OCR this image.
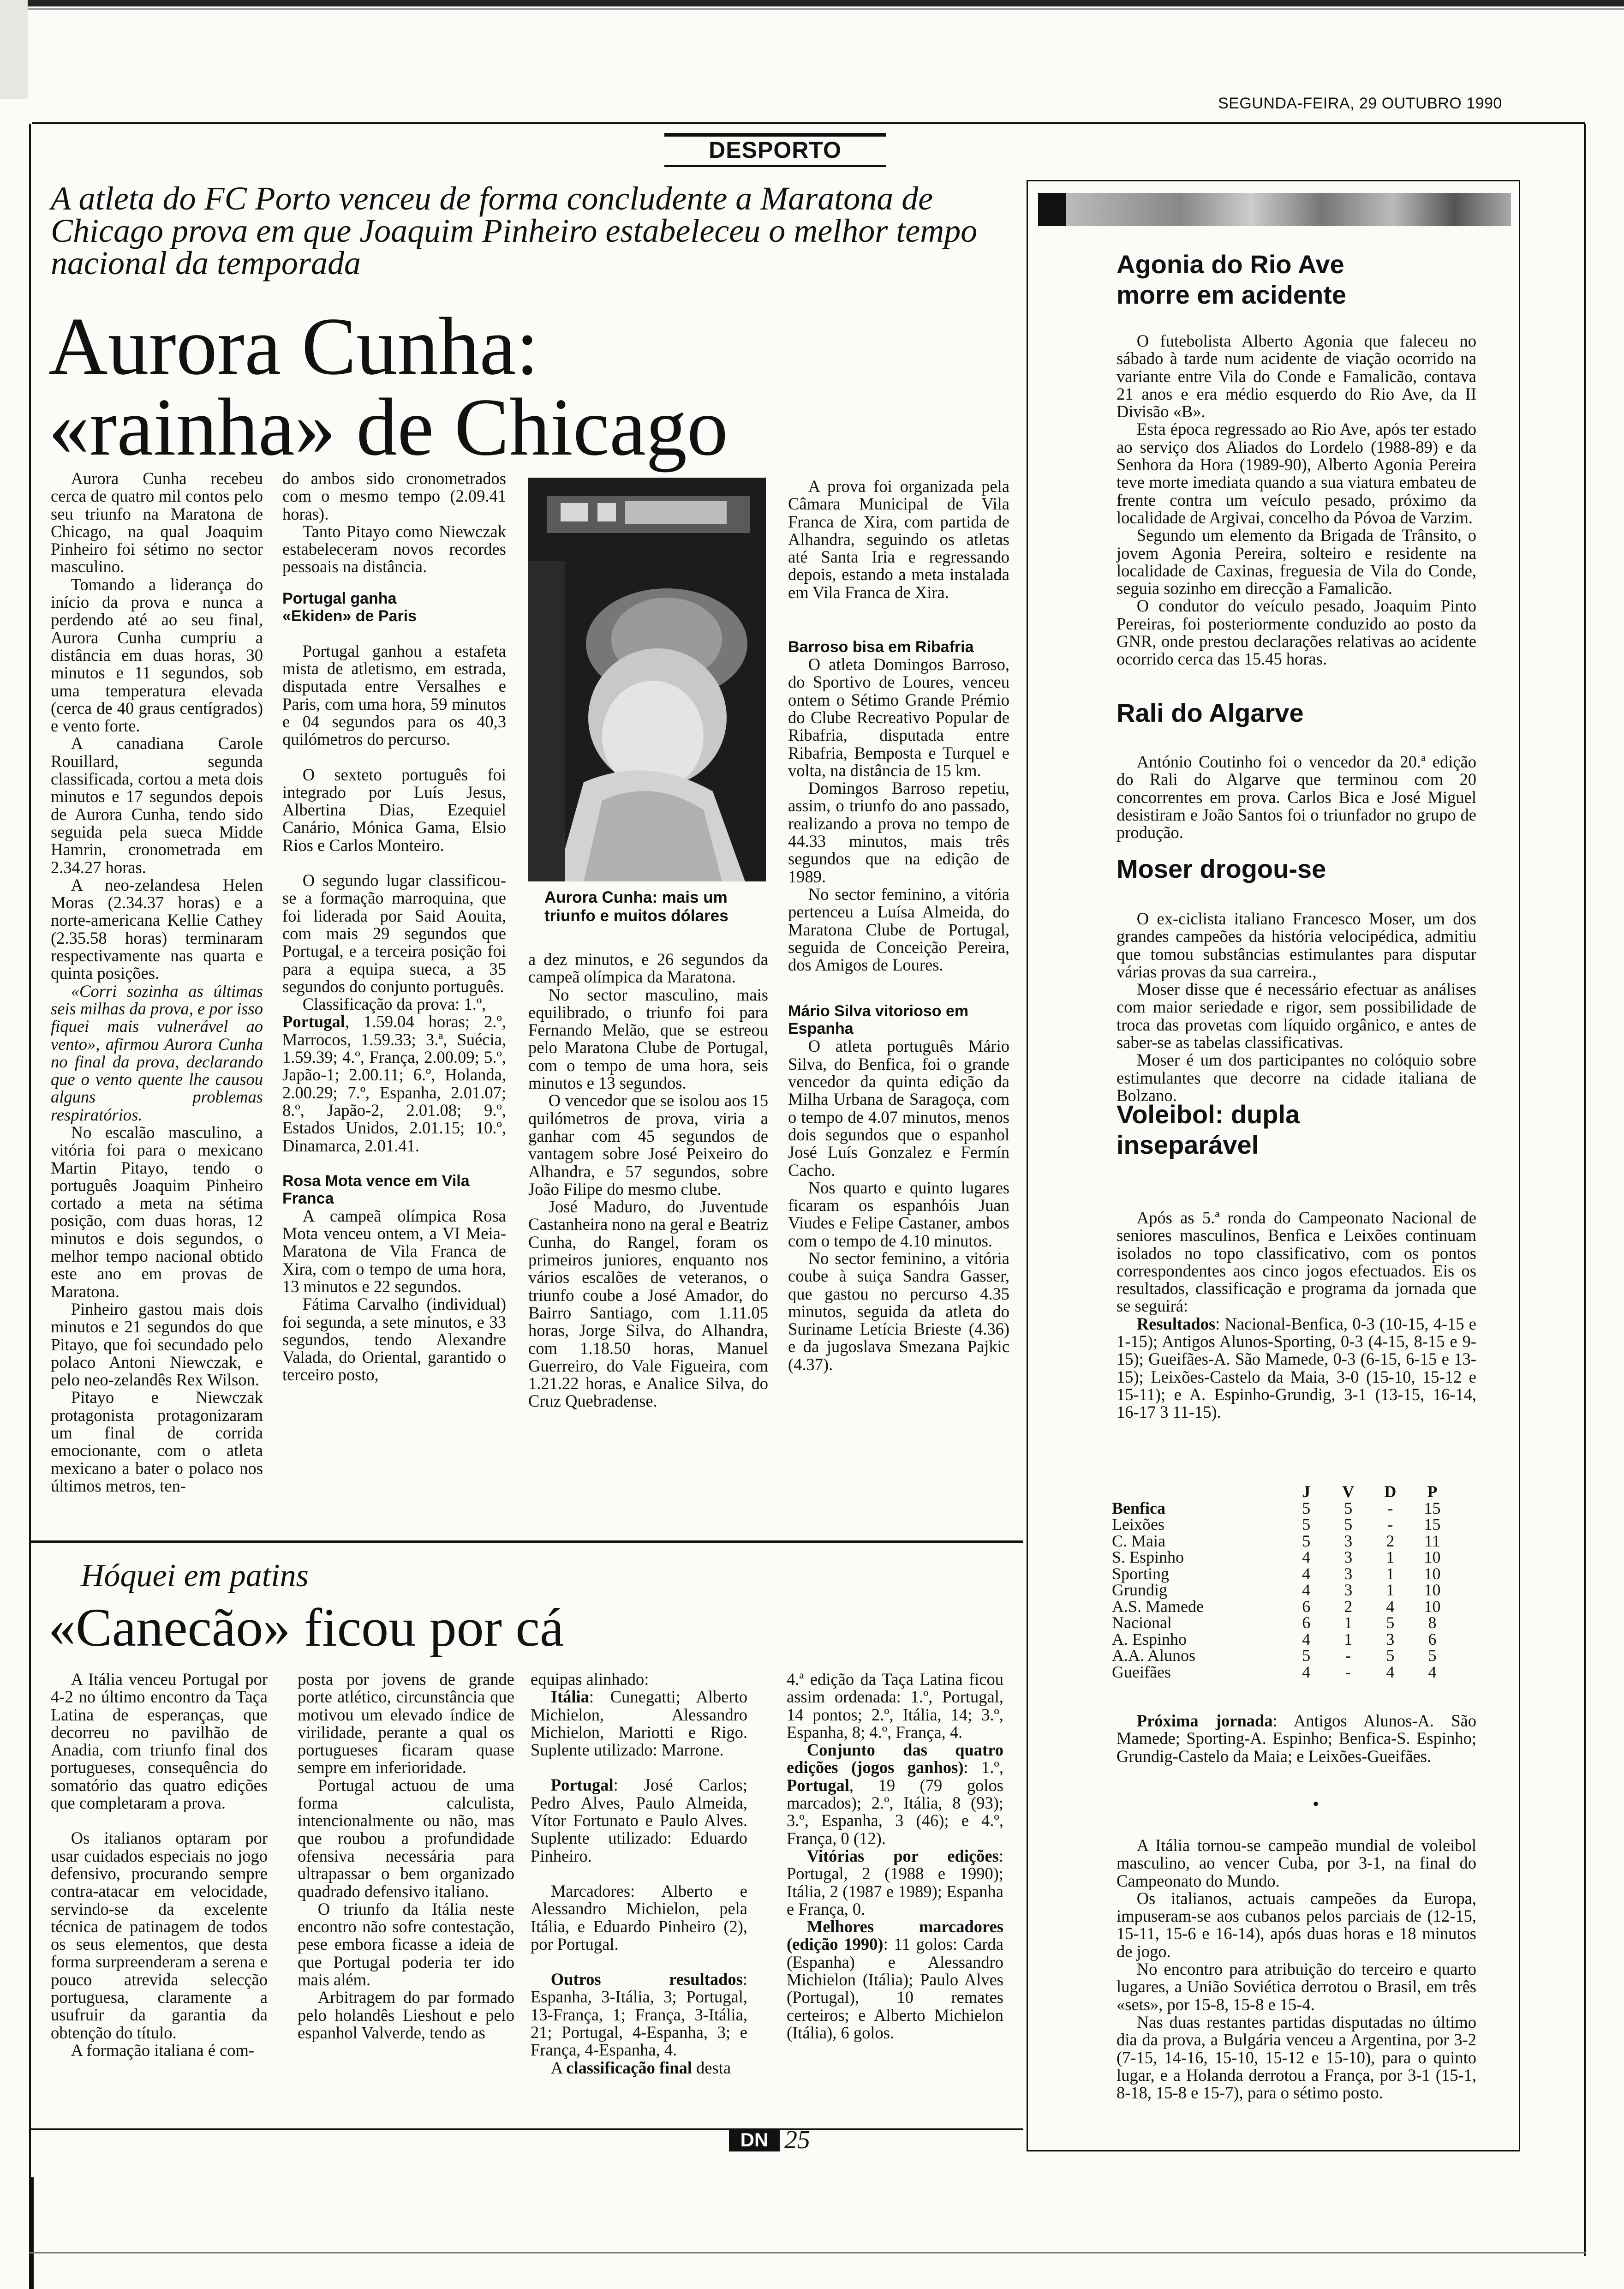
SEGUNDA-FEIRA, 29 OUTUBRO 1990
DESPORTO
A atleta do FC Porto venceu de forma concludente a Maratona de Chicago prova em que Joaquim Pinheiro estabeleceu o melhor tempo nacional da temporada
Aurora Cunha:
«rainha» de Chicago

Aurora Cunha recebeu cerca de quatro mil contos pelo seu triunfo na Maratona de Chicago, na qual Joaquim Pinheiro foi sétimo no sector masculino.

Tomando a liderança do início da prova e nunca a perdendo até ao seu final, Aurora Cunha cumpriu a distância em duas horas, 30 minutos e 11 segundos, sob uma temperatura elevada (cerca de 40 graus centígrados) e vento forte.

A canadiana Carole Rouillard, segunda classificada, cortou a meta dois minutos e 17 segundos depois de Aurora Cunha, tendo sido seguida pela sueca Midde Hamrin, cronometrada em 2.34.27 horas.

A neo-zelandesa Helen Moras (2.34.37 horas) e a norte-americana Kellie Cathey (2.35.58 horas) terminaram respectivamente nas quarta e quinta posições.

«Corri sozinha as últimas seis milhas da prova, e por isso fiquei mais vulnerável ao vento», afirmou Aurora Cunha no final da prova, declarando que o vento quente lhe causou alguns problemas respiratórios.

No escalão masculino, a vitória foi para o mexicano Martin Pitayo, tendo o português Joaquim Pinheiro cortado a meta na sétima posição, com duas horas, 12 minutos e dois segundos, o melhor tempo nacional obtido este ano em provas de Maratona.

Pinheiro gastou mais dois minutos e 21 segundos do que Pitayo, que foi secundado pelo polaco Antoni Niewczak, e pelo neo-zelandês Rex Wilson.

Pitayo e Niewczak protagonista protagonizaram um final de corrida emocionante, com o atleta mexicano a bater o polaco nos últimos metros, ten-

do ambos sido cronometrados com o mesmo tempo (2.09.41 horas).

Tanto Pitayo como Niewczak estabeleceram novos recordes pessoais na distância.

Portugal ganha
«Ekiden» de Paris

Portugal ganhou a estafeta mista de atletismo, em estrada, disputada entre Versalhes e Paris, com uma hora, 59 minutos e 04 segundos para os 40,3 quilómetros do percurso.

O sexteto português foi integrado por Luís Jesus, Albertina Dias, Ezequiel Canário, Mónica Gama, Elsio Rios e Carlos Monteiro.

O segundo lugar classificou-se a formação marroquina, que foi liderada por Said Aouita, com mais 29 segundos que Portugal, e a terceira posição foi para a equipa sueca, a 35 segundos do conjunto português.

Classificação da prova: 1.º,
Portugal, 1.59.04 horas; 2.º, Marrocos, 1.59.33; 3.ª, Suécia, 1.59.39; 4.º, França, 2.00.09; 5.º, Japão-1; 2.00.11; 6.º, Holanda, 2.00.29; 7.º, Espanha, 2.01.07; 8.º, Japão-2, 2.01.08; 9.º, Estados Unidos, 2.01.15; 10.º, Dinamarca, 2.01.41.

Rosa Mota vence em Vila Franca

A campeã olímpica Rosa Mota venceu ontem, a VI Meia-Maratona de Vila Franca de Xira, com o tempo de uma hora, 13 minutos e 22 segundos.

Fátima Carvalho (individual) foi segunda, a sete minutos, e 33 segundos, tendo Alexandre Valada, do Oriental, garantido o terceiro posto,

Aurora Cunha: mais um triunfo e muitos dólares

a dez minutos, e 26 segundos da campeã olímpica da Maratona.

No sector masculino, mais equilibrado, o triunfo foi para Fernando Melão, que se estreou pelo Maratona Clube de Portugal, com o tempo de uma hora, seis minutos e 13 segundos.

O vencedor que se isolou aos 15 quilómetros de prova, viria a ganhar com 45 segundos de vantagem sobre José Peixeiro do Alhandra, e 57 segundos, sobre João Filipe do mesmo clube.

José Maduro, do Juventude Castanheira nono na geral e Beatriz Cunha, do Rangel, foram os primeiros juniores, enquanto nos vários escalões de veteranos, o triunfo coube a José Amador, do Bairro Santiago, com 1.11.05 horas, Jorge Silva, do Alhandra, com 1.18.50 horas, Manuel Guerreiro, do Vale Figueira, com 1.21.22 horas, e Analice Silva, do Cruz Quebradense.

A prova foi organizada pela Câmara Municipal de Vila Franca de Xira, com partida de Alhandra, seguindo os atletas até Santa Iria e regressando depois, estando a meta instalada em Vila Franca de Xira.

Barroso bisa em Ribafria

O atleta Domingos Barroso, do Sportivo de Loures, venceu ontem o Sétimo Grande Prémio do Clube Recreativo Popular de Ribafria, disputada entre Ribafria, Bemposta e Turquel e volta, na distância de 15 km.

Domingos Barroso repetiu, assim, o triunfo do ano passado, realizando a prova no tempo de 44.33 minutos, mais três segundos que na edição de 1989.

No sector feminino, a vitória pertenceu a Luísa Almeida, do Maratona Clube de Portugal, seguida de Conceição Pereira, dos Amigos de Loures.

Mário Silva vitorioso em
Espanha

O atleta português Mário Silva, do Benfica, foi o grande vencedor da quinta edição da Milha Urbana de Saragoça, com o tempo de 4.07 minutos, menos dois segundos que o espanhol José Luís Gonzalez e Fermín Cacho.

Nos quarto e quinto lugares ficaram os espanhóis Juan Viudes e Felipe Castaner, ambos com o tempo de 4.10 minutos.

No sector feminino, a vitória coube à suiça Sandra Gasser, que gastou no percurso 4.35 minutos, seguida da atleta do Suriname Letícia Brieste (4.36) e da jugoslava Smezana Pajkic (4.37).

Hóquei em patins
«Canecão» ficou por cá

A Itália venceu Portugal por 4-2 no último encontro da Taça Latina de esperanças, que decorreu no pavilhão de Anadia, com triunfo final dos portugueses, consequência do somatório das quatro edições que completaram a prova.

Os italianos optaram por usar cuidados especiais no jogo defensivo, procurando sempre contra-atacar em velocidade, servindo-se da excelente técnica de patinagem de todos os seus elementos, que desta forma surpreenderam a serena e pouco atrevida selecção portuguesa, claramente a usufruir da garantia da obtenção do título.

A formação italiana é com-

posta por jovens de grande porte atlético, circunstância que motivou um elevado índice de virilidade, perante a qual os portugueses ficaram quase sempre em inferioridade.

Portugal actuou de uma forma calculista, intencionalmente ou não, mas que roubou a profundidade ofensiva necessária para ultrapassar o bem organizado quadrado defensivo italiano.

O triunfo da Itália neste encontro não sofre contestação, pese embora ficasse a ideia de que Portugal poderia ter ido mais além.

Arbitragem do par formado pelo holandês Lieshout e pelo espanhol Valverde, tendo as

equipas alinhado:

Itália: Cunegatti; Alberto Michielon, Alessandro Michielon, Mariotti e Rigo. Suplente utilizado: Marrone.

Portugal: José Carlos; Pedro Alves, Paulo Almeida, Vítor Fortunato e Paulo Alves. Suplente utilizado: Eduardo Pinheiro.

Marcadores: Alberto e Alessandro Michielon, pela Itália, e Eduardo Pinheiro (2), por Portugal.

Outros resultados: Espanha, 3-Itália, 3; Portugal, 13-França, 1; França, 3-Itália, 21; Portugal, 4-Espanha, 3; e França, 4-Espanha, 4.

A classificação final desta

4.ª edição da Taça Latina ficou assim ordenada: 1.º, Portugal, 14 pontos; 2.º, Itália, 14; 3.º, Espanha, 8; 4.º, França, 4.

Conjunto das quatro edições (jogos ganhos): 1.º, Portugal, 19 (79 golos marcados); 2.º, Itália, 8 (93); 3.º, Espanha, 3 (46); e 4.º, França, 0 (12).

Vitórias por edições: Portugal, 2 (1988 e 1990); Itália, 2 (1987 e 1989); Espanha e França, 0.

Melhores marcadores (edição 1990): 11 golos: Carda (Espanha) e Alessandro Michielon (Itália); Paulo Alves (Portugal), 10 remates certeiros; e Alberto Michielon (Itália), 6 golos.

Agonia do Rio Ave
morre em acidente

O futebolista Alberto Agonia que faleceu no sábado à tarde num acidente de viação ocorrido na variante entre Vila do Conde e Famalicão, contava 21 anos e era médio esquerdo do Rio Ave, da II Divisão «B».

Esta época regressado ao Rio Ave, após ter estado ao serviço dos Aliados do Lordelo (1988-89) e da Senhora da Hora (1989-90), Alberto Agonia Pereira teve morte imediata quando a sua viatura embateu de frente contra um veículo pesado, próximo da localidade de Argivai, concelho da Póvoa de Varzim.

Segundo um elemento da Brigada de Trânsito, o jovem Agonia Pereira, solteiro e residente na localidade de Caxinas, freguesia de Vila do Conde, seguia sozinho em direcção a Famalicão.

O condutor do veículo pesado, Joaquim Pinto Pereiras, foi posteriormente conduzido ao posto da GNR, onde prestou declarações relativas ao acidente ocorrido cerca das 15.45 horas.

Rali do Algarve

António Coutinho foi o vencedor da 20.ª edição do Rali do Algarve que terminou com 20 concorrentes em prova. Carlos Bica e José Miguel desistiram e João Santos foi o triunfador no grupo de produção.

Moser drogou-se

O ex-ciclista italiano Francesco Moser, um dos grandes campeões da história velocipédica, admitiu que tomou substâncias estimulantes para disputar várias provas da sua carreira.,

Moser disse que é necessário efectuar as análises com maior seriedade e rigor, sem possibilidade de troca das provetas com líquido orgânico, e antes de saber-se as tabelas classificativas.

Moser é um dos participantes no colóquio sobre estimulantes que decorre na cidade italiana de Bolzano.

Voleibol: dupla
inseparável

Após as 5.ª ronda do Campeonato Nacional de seniores masculinos, Benfica e Leixões continuam isolados no topo classificativo, com os pontos correspondentes aos cinco jogos efectuados. Eis os resultados, classificação e programa da jornada que se seguirá:

Resultados: Nacional-Benfica, 0-3 (10-15, 4-15 e 1-15); Antigos Alunos-Sporting, 0-3 (4-15, 8-15 e 9-15); Gueifães-A. São Mamede, 0-3 (6-15, 6-15 e 13-15); Leixões-Castelo da Maia, 3-0 (15-10, 15-12 e 15-11); e A. Espinho-Grundig, 3-1 (13-15, 16-14, 16-17 3 11-15).

	J	V	D	P
Benfica	5	5	-	15
Leixões	5	5	-	15
C. Maia	5	3	2	11
S. Espinho	4	3	1	10
Sporting	4	3	1	10
Grundig	4	3	1	10
A.S. Mamede	6	2	4	10
Nacional	6	1	5	8
A. Espinho	4	1	3	6
A.A. Alunos	5	-	5	5
Gueifães	4	-	4	4

Próxima jornada: Antigos Alunos-A. São Mamede; Sporting-A. Espinho; Benfica-S. Espinho; Grundig-Castelo da Maia; e Leixões-Gueifães.

•

A Itália tornou-se campeão mundial de voleibol masculino, ao vencer Cuba, por 3-1, na final do Campeonato do Mundo.

Os italianos, actuais campeões da Europa, impuseram-se aos cubanos pelos parciais de (12-15, 15-11, 15-6 e 16-14), após duas horas e 18 minutos de jogo.

No encontro para atribuição do terceiro e quarto lugares, a União Soviética derrotou o Brasil, em três «sets», por 15-8, 15-8 e 15-4.

Nas duas restantes partidas disputadas no último dia da prova, a Bulgária venceu a Argentina, por 3-2 (7-15, 14-16, 15-10, 15-12 e 15-10), para o quinto lugar, e a Holanda derrotou a França, por 3-1 (15-1, 8-18, 15-8 e 15-7), para o sétimo posto.

DN 25
